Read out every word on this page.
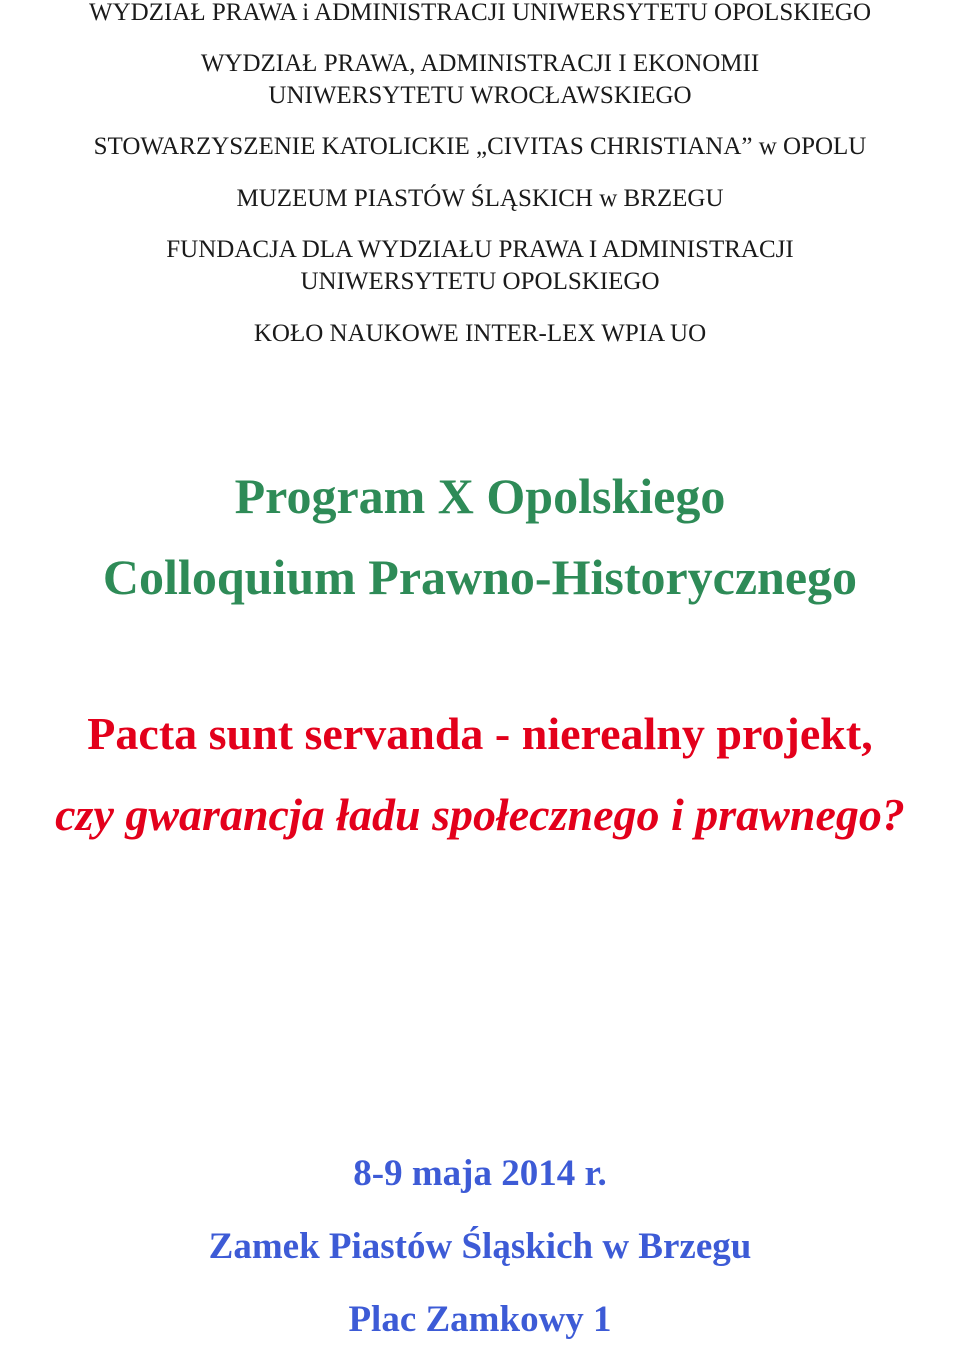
WYDZIAŁ PRAWA i ADMINISTRACJI UNIWERSYTETU OPOLSKIEGO

WYDZIAŁ PRAWA, ADMINISTRACJI I EKONOMII

UNIWERSYTETU WROCŁAWSKIEGO

STOWARZYSZENIE KATOLICKIE „CIVITAS CHRISTIANA” w OPOLU

MUZEUM PIASTÓW ŚLĄSKICH w BRZEGU

FUNDACJA DLA WYDZIAŁU PRAWA I ADMINISTRACJI

UNIWERSYTETU OPOLSKIEGO

KOŁO NAUKOWE INTER-LEX WPIA UO

Program X Opolskiego
Colloquium Prawno-Historycznego
Pacta sunt servanda - nierealny projekt,
czy gwarancja ładu społecznego i prawnego?

8-9 maja 2014 r.

Zamek Piastów Śląskich w Brzegu

Plac Zamkowy 1
